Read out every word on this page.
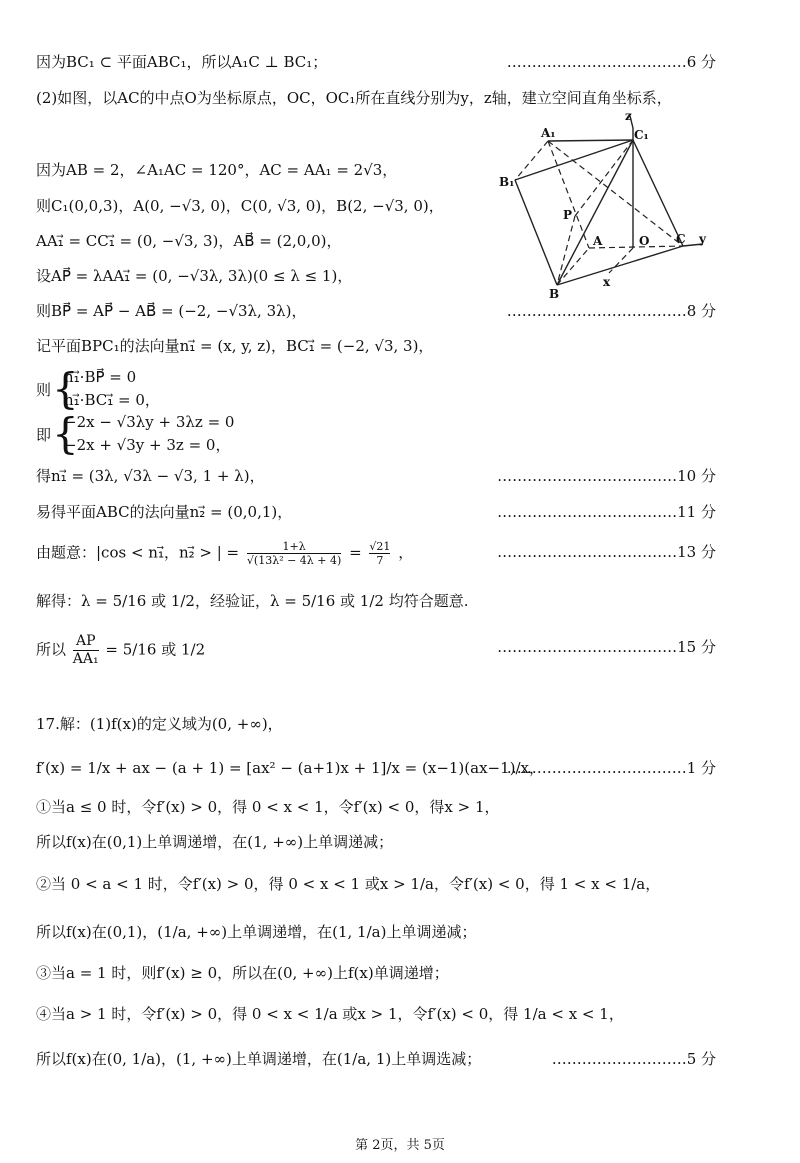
因为BC₁ ⊂ 平面ABC₁，所以A₁C ⊥ BC₁；	………………………………6 分
(2)如图，以AC的中点O为坐标原点，OC，OC₁所在直线分别为y，z轴，建立空间直角坐标系，
z
A₁	C₁
B₁
P
A	O C y
B
x
因为AB = 2，∠A₁AC = 120°，AC = AA₁ = 2√3，
则C₁(0,0,3)，A(0, −√3, 0)，C(0, √3, 0)，B(2, −√3, 0)，
AA₁⃗ = CC₁⃗ = (0, −√3, 3)，AB⃗ = (2,0,0)，
设AP⃗ = λAA₁⃗ = (0, −√3λ, 3λ)(0 ≤ λ ≤ 1)，
则BP⃗ = AP⃗ − AB⃗ = (−2, −√3λ, 3λ)，	………………………………8 分
记平面BPC₁的法向量n₁⃗ = (x, y, z)，BC₁⃗ = (−2, √3, 3)，
则 {
n₁⃗·BP⃗ = 0
n₁⃗·BC₁⃗ = 0，
即 {
−2x − √3λy + 3λz = 0
−2x + √3y + 3z = 0，
得n₁⃗ = (3λ, √3λ − √3, 1 + λ)，	………………………………10 分
易得平面ABC的法向量n₂⃗ = (0,0,1)，	………………………………11 分
由题意：|cos < n₁⃗，n₂⃗ > | = $\frac{1+\lambda}{\text{√(13λ² − 4λ + 4)}} = \frac{√21}{7}$ ，	………………………………13 分
解得：λ = 5/16 或 1/2，经验证，λ = 5/16 或 1/2 均符合题意.
所以 $\frac{AP}{\text{AA₁}} = 5/16$ 或 1/2	………………………………15 分
17.解：(1)f(x)的定义域为(0, +∞)，
f′(x) = 1/x + ax − (a + 1) = [ax² − (a+1)x + 1]/x = (x−1)(ax−1)/x，
………………………………1 分
①当a ≤ 0 时，令f′(x) > 0，得 0 < x < 1，令f′(x) < 0，得x > 1，
所以f(x)在(0,1)上单调递增，在(1, +∞)上单调递减；
②当 0 < a < 1 时，令f′(x) > 0，得 0 < x < 1 或x > 1/a，令f′(x) < 0，得 1 < x < 1/a，
所以f(x)在(0,1)，(1/a, +∞)上单调递增，在(1, 1/a)上单调递减；
③当a = 1 时，则f′(x) ≥ 0，所以在(0, +∞)上f(x)单调递增；
④当a > 1 时，令f′(x) > 0，得 0 < x < 1/a 或x > 1，令f′(x) < 0，得 1/a < x < 1，
所以f(x)在(0, 1/a)，(1, +∞)上单调递增，在(1/a, 1)上单调选减；	………………………5 分
第 2页，共 5页
